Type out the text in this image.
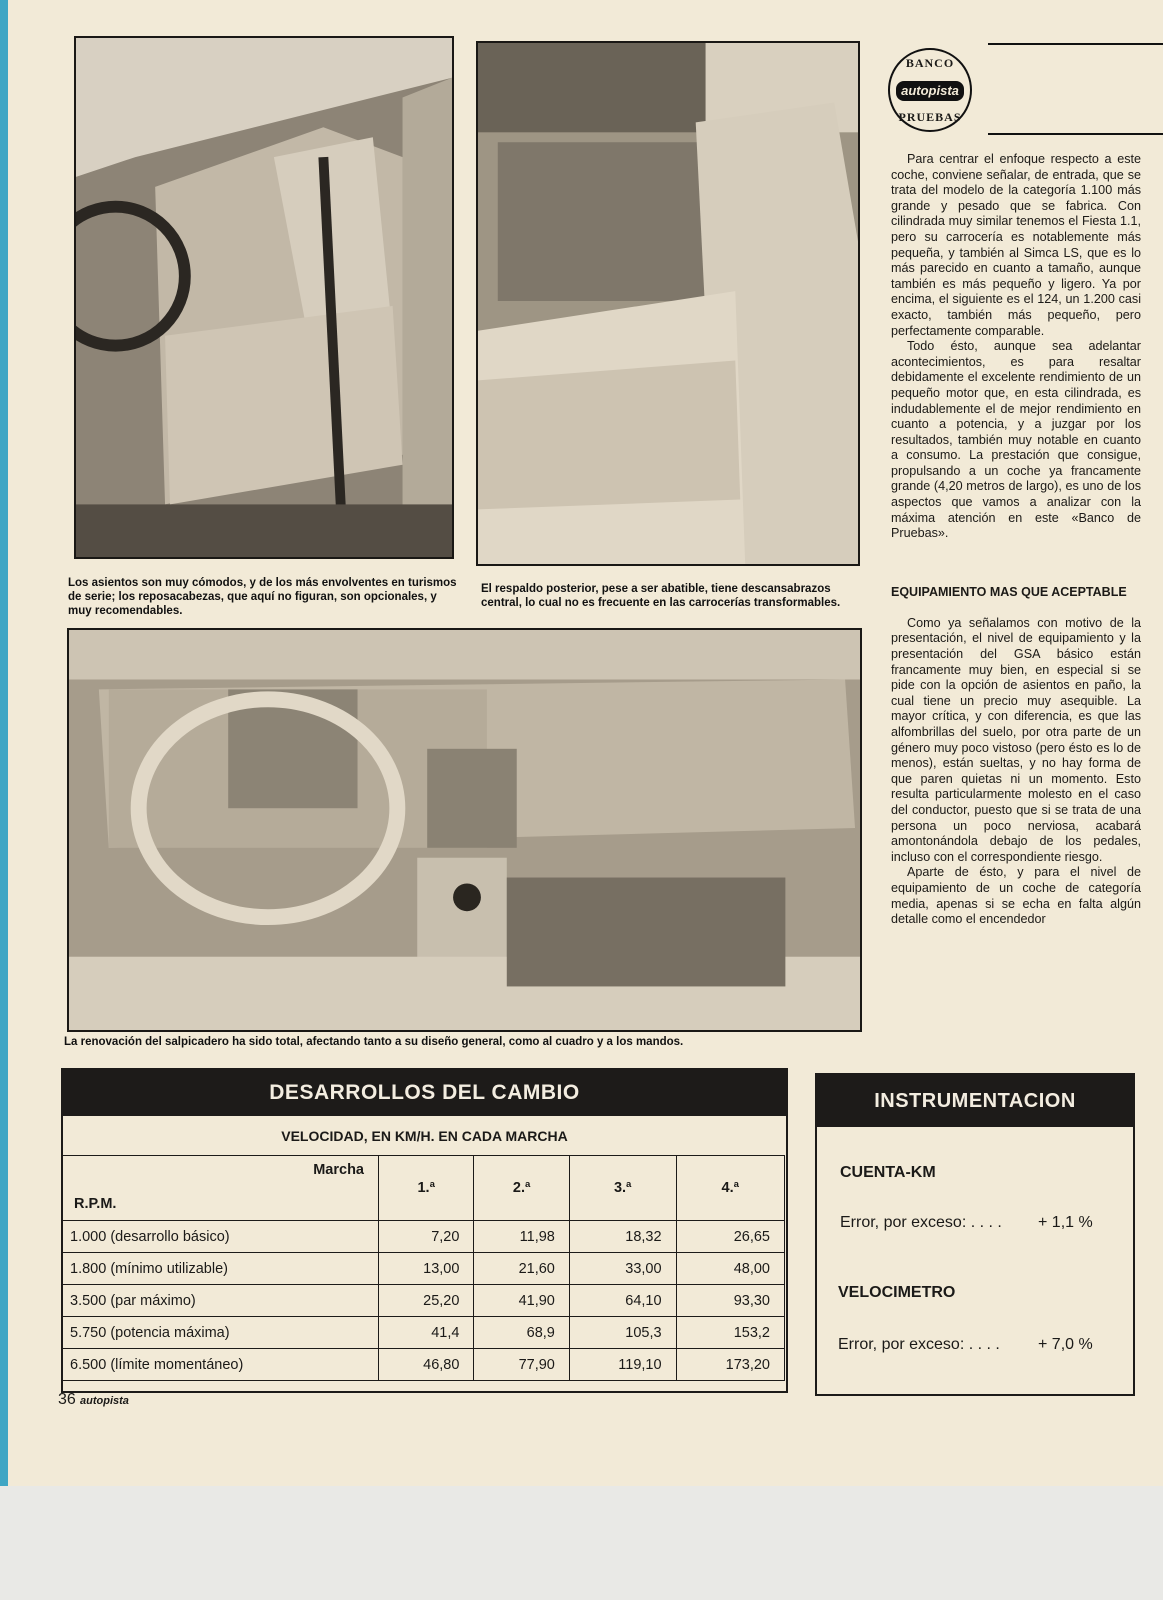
BANCO
autopista
PRUEBAS
Los asientos son muy cómodos, y de los más envolventes en turismos de serie; los reposacabezas, que aquí no figuran, son opcionales, y muy recomendables.
El respaldo posterior, pese a ser abatible, tiene descansabrazos central, lo cual no es frecuente en las carrocerías transformables.
La renovación del salpicadero ha sido total, afectando tanto a su diseño general, como al cuadro y a los mandos.

Para centrar el enfoque respecto a este coche, conviene señalar, de entrada, que se trata del modelo de la categoría 1.100 más grande y pesado que se fabrica. Con cilindrada muy similar tenemos el Fiesta 1.1, pero su carrocería es notablemente más pequeña, y también al Simca LS, que es lo más parecido en cuanto a tamaño, aunque también es más pequeño y ligero. Ya por encima, el siguiente es el 124, un 1.200 casi exacto, también más pequeño, pero perfectamente comparable.

Todo ésto, aunque sea adelantar acontecimientos, es para resaltar debidamente el excelente rendimiento de un pequeño motor que, en esta cilindrada, es indudablemente el de mejor rendimiento en cuanto a potencia, y a juzgar por los resultados, también muy notable en cuanto a consumo. La prestación que consigue, propulsando a un coche ya francamente grande (4,20 metros de largo), es uno de los aspectos que vamos a analizar con la máxima atención en este «Banco de Pruebas».

EQUIPAMIENTO MAS QUE ACEPTABLE

Como ya señalamos con motivo de la presentación, el nivel de equipamiento y la presentación del GSA básico están francamente muy bien, en especial si se pide con la opción de asientos en paño, la cual tiene un precio muy asequible. La mayor crítica, y con diferencia, es que las alfombrillas del suelo, por otra parte de un género muy poco vistoso (pero ésto es lo de menos), están sueltas, y no hay forma de que paren quietas ni un momento. Esto resulta particularmente molesto en el caso del conductor, puesto que si se trata de una persona un poco nerviosa, acabará amontonándola debajo de los pedales, incluso con el correspondiente riesgo.

Aparte de ésto, y para el nivel de equipamiento de un coche de categoría media, apenas si se echa en falta algún detalle como el encendedor

DESARROLLOS DEL CAMBIO
VELOCIDAD, EN KM/H. EN CADA MARCHA
Marcha
R.P.M.	1.ª	2.ª	3.ª	4.ª
1.000 (desarrollo básico)	7,20	11,98	18,32	26,65
1.800 (mínimo utilizable)	13,00	21,60	33,00	48,00
3.500 (par máximo)	25,20	41,90	64,10	93,30
5.750 (potencia máxima)	41,4	68,9	105,3	153,2
6.500 (límite momentáneo)	46,80	77,90	119,10	173,20
INSTRUMENTACION
CUENTA-KM
Error, por exceso: . . . . + 1,1 %
VELOCIMETRO
Error, por exceso: . . . . + 7,0 %
36 autopista
